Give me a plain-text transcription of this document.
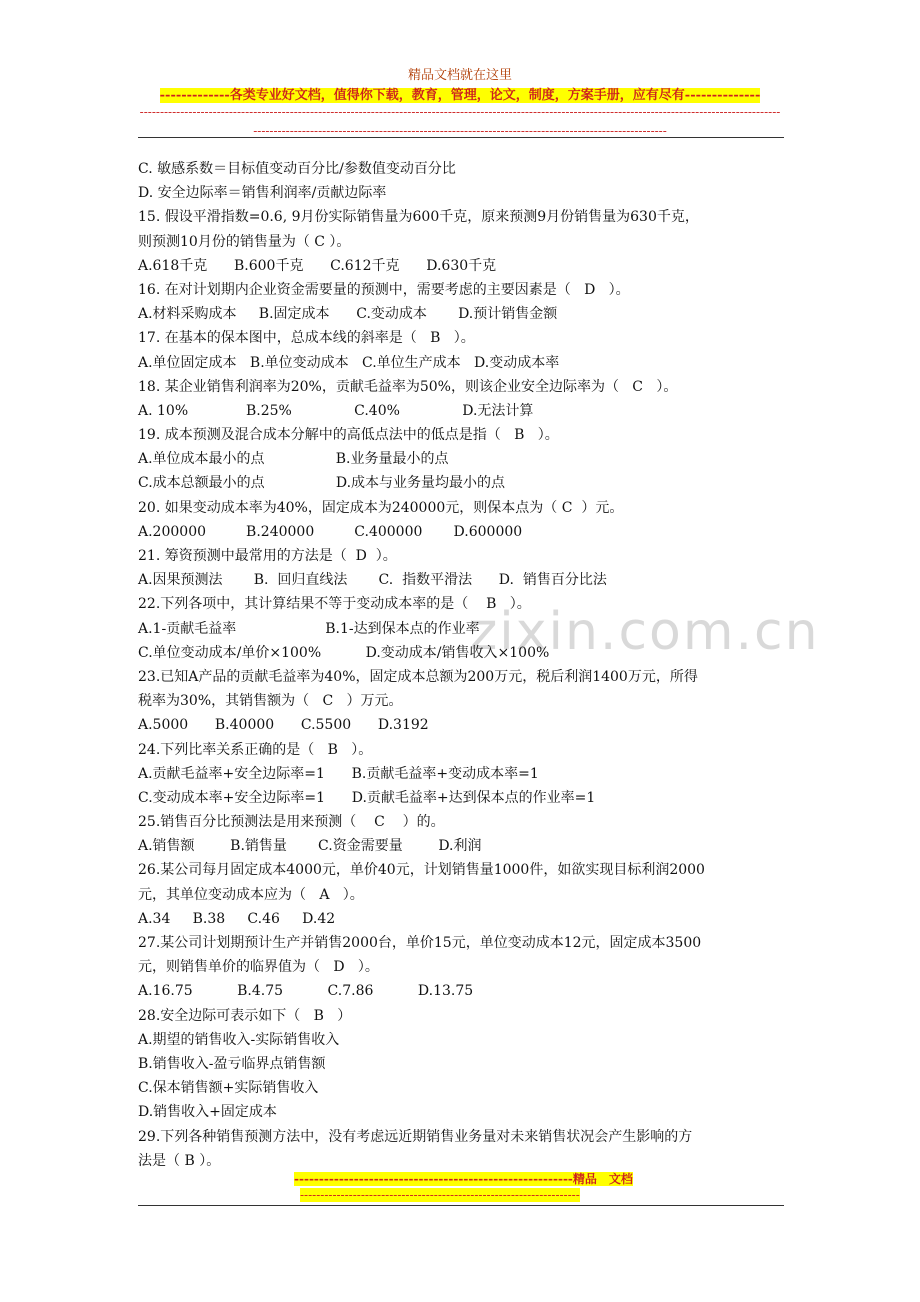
精品文档就在这里
-------------各类专业好文档，值得你下载，教育，管理，论文，制度，方案手册，应有尽有--------------
--------------------------------------------------------------------------------------------------------------------------------------------------------------------------------------------------------------------------------------------------------------------
zixin.com.cn
C. 敏感系数＝目标值变动百分比/参数值变动百分比
D. 安全边际率＝销售利润率/贡献边际率
15. 假设平滑指数=0.6, 9月份实际销售量为600千克，原来预测9月份销售量为630千克，
则预测10月份的销售量为（ C ）。
A.618千克      B.600千克      C.612千克      D.630千克
16. 在对计划期内企业资金需要量的预测中，需要考虑的主要因素是（   D   ）。
A.材料采购成本     B.固定成本      C.变动成本       D.预计销售金额
17. 在基本的保本图中，总成本线的斜率是（   B   ）。
A.单位固定成本   B.单位变动成本   C.单位生产成本   D.变动成本率
18. 某企业销售利润率为20%，贡献毛益率为50%，则该企业安全边际率为（   C   ）。
A. 10%             B.25%              C.40%              D.无法计算
19. 成本预测及混合成本分解中的高低点法中的低点是指（   B   ）。
A.单位成本最小的点                B.业务量最小的点
C.成本总额最小的点                D.成本与业务量均最小的点
20. 如果变动成本率为40%，固定成本为240000元，则保本点为（ C  ）元。
A.200000         B.240000         C.400000       D.600000
21. 筹资预测中最常用的方法是（  D  ）。
A.因果预测法       B.  回归直线法       C.  指数平滑法      D.  销售百分比法
22.下列各项中，其计算结果不等于变动成本率的是（    B   ）。
A.1-贡献毛益率                    B.1-达到保本点的作业率
C.单位变动成本/单价×100%          D.变动成本/销售收入×100%
23.已知A产品的贡献毛益率为40%，固定成本总额为200万元，税后利润1400万元，所得
税率为30%，其销售额为（   C   ）万元。
A.5000      B.40000      C.5500      D.3192
24.下列比率关系正确的是（   B   ）。
A.贡献毛益率+安全边际率=1      B.贡献毛益率+变动成本率=1
C.变动成本率+安全边际率=1      D.贡献毛益率+达到保本点的作业率=1
25.销售百分比预测法是用来预测（    C    ）的。
A.销售额        B.销售量       C.资金需要量        D.利润
26.某公司每月固定成本4000元，单价40元，计划销售量1000件，如欲实现目标利润2000
元，其单位变动成本应为（   A   ）。
A.34     B.38     C.46     D.42
27.某公司计划期预计生产并销售2000台，单价15元，单位变动成本12元，固定成本3500
元，则销售单价的临界值为（   D   ）。
A.16.75          B.4.75          C.7.86          D.13.75
28.安全边际可表示如下（   B   ）
A.期望的销售收入-实际销售收入
B.销售收入-盈亏临界点销售额
C.保本销售额+实际销售收入
D.销售收入+固定成本
29.下列各种销售预测方法中，没有考虑远近期销售业务量对未来销售状况会产生影响的方
法是（ B ）。
--------------------------------------------------------精品　文档
---------------------------------------------------------------------
